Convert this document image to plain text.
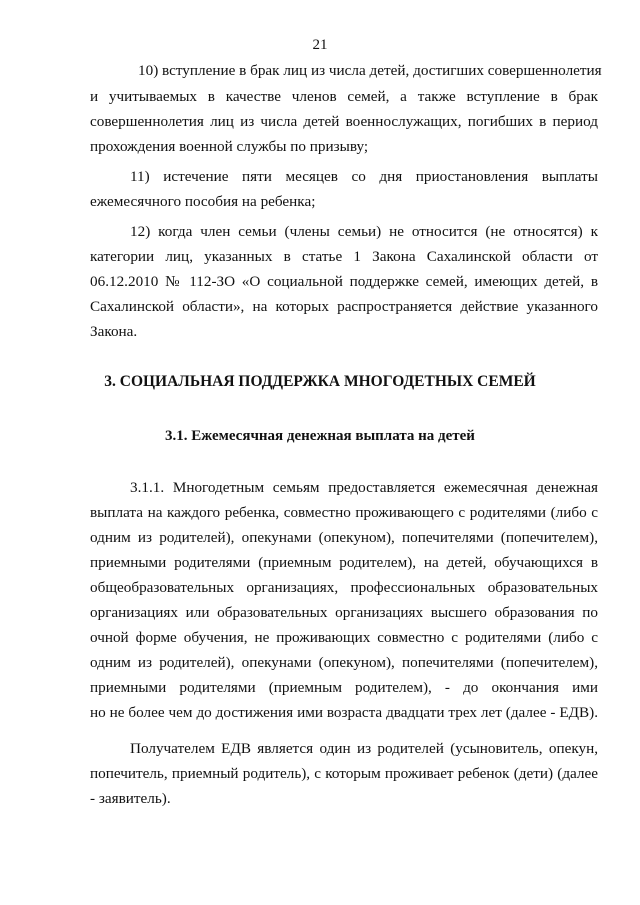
21
10) вступление в брак лиц из числа детей, достигших совершеннолетия
и учитываемых в качестве членов семей, а также вступление в брак
совершеннолетия лиц из числа детей военнослужащих, погибших в период
прохождения военной службы по призыву;
11) истечение пяти месяцев со дня приостановления выплаты
ежемесячного пособия на ребенка;
12) когда член семьи (члены семьи) не относится (не относятся) к
категории лиц, указанных в статье 1 Закона Сахалинской области от
06.12.2010 № 112-ЗО «О социальной поддержке семей, имеющих детей, в
Сахалинской области», на которых распространяется действие указанного
Закона.
3. СОЦИАЛЬНАЯ ПОДДЕРЖКА МНОГОДЕТНЫХ СЕМЕЙ
3.1. Ежемесячная денежная выплата на детей
3.1.1. Многодетным семьям предоставляется ежемесячная денежная
выплата на каждого ребенка, совместно проживающего с родителями (либо с
одним из родителей), опекунами (опекуном), попечителями (попечителем),
приемными родителями (приемным родителем), на детей, обучающихся в
общеобразовательных организациях, профессиональных образовательных
организациях или образовательных организациях высшего образования по
очной форме обучения, не проживающих совместно с родителями (либо с
одним из родителей), опекунами (опекуном), попечителями (попечителем),
приемными родителями (приемным родителем), - до окончания ими
но не более чем до достижения ими возраста двадцати трех лет (далее - ЕДВ).
Получателем ЕДВ является один из родителей (усыновитель, опекун,
попечитель, приемный родитель), с которым проживает ребенок (дети) (далее
- заявитель).
